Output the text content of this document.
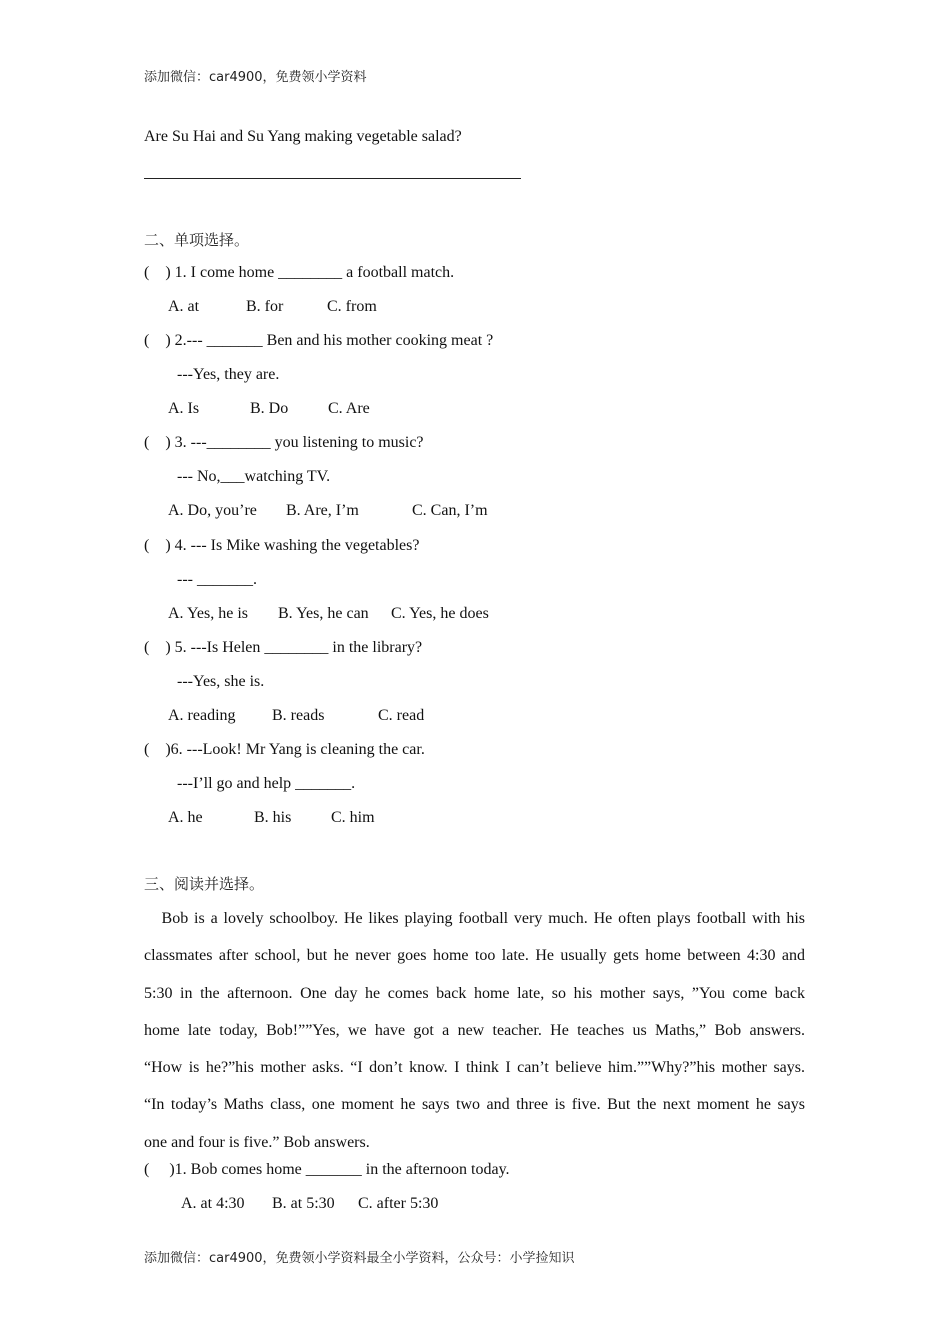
添加微信：car4900，免费领小学资料
Are Su Hai and Su Yang making vegetable salad?
二、单项选择。
(    ) 1. I come home ________ a football match.
A. at	B. for	C. from
(    ) 2.--- _______ Ben and his mother cooking meat ?
---Yes, they are.
A. Is	B. Do C. Are
(    ) 3. ---________ you listening to music?
--- No,___watching TV.
A. Do, you’re B. Are, I’m	C. Can, I’m
(    ) 4. --- Is Mike washing the vegetables?
--- _______.
A. Yes, he is B. Yes, he can C. Yes, he does
(    ) 5. ---Is Helen ________ in the library?
---Yes, she is.
A. reading B. reads	C. read
(    )6. ---Look! Mr Yang is cleaning the car.
---I’ll go and help _______.
A. he	B. his C. him
三、阅读并选择。
Bob is a lovely schoolboy. He likes playing football very much. He often plays football with his
classmates after school, but he never goes home too late. He usually gets home between 4:30 and
5:30 in the afternoon. One day he comes back home late, so his mother says, ”You come back
home late today, Bob!””Yes, we have got a new teacher. He teaches us Maths,” Bob answers.
“How is he?”his mother asks. “I don’t know. I think I can’t believe him.””Why?”his mother says.
“In today’s Maths class, one moment he says two and three is five. But the next moment he says
one and four is five.” Bob answers.
(     )1. Bob comes home _______ in the afternoon today.
A. at 4:30 B. at 5:30 C. after 5:30
添加微信：car4900，免费领小学资料最全小学资料，公众号：小学捡知识
